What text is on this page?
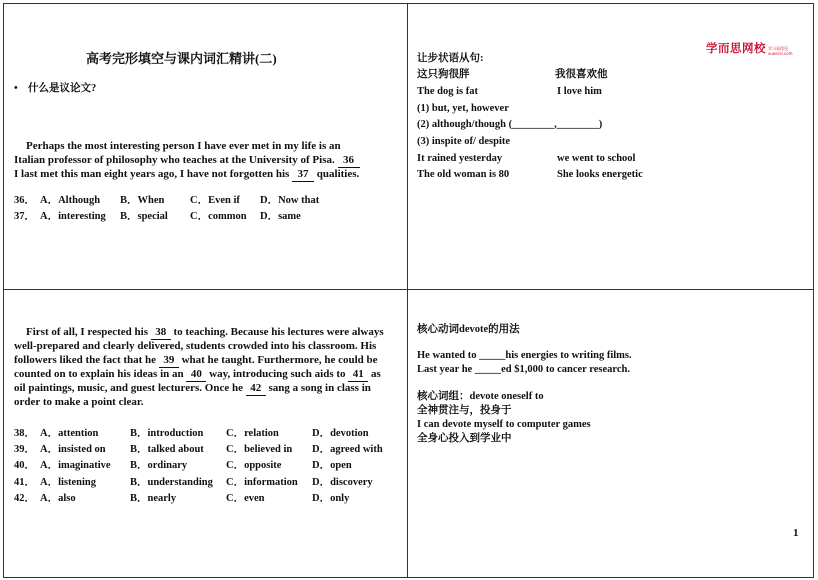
高考完形填空与课内词汇精讲(二)
• 什么是议论文?
Perhaps the most interesting person I have ever met in my life is an
Italian professor of philosophy who teaches at the University of Pisa. 36
I last met this man eight years ago, I have not forgotten his 37 qualities.
36． A．Although B．When C．Even if D．Now that
37． A．interesting B．special C．common D．same
学而思网校 学习看得见
xueersi.com
让步状语从句:
这只狗很胖	我很喜欢他
The dog is fat	I love him
(1) but, yet, however
(2) although/though (________,________)
(3) inspite of/ despite
It rained yesterday	we went to school
The old woman is 80	She looks energetic
First of all, I respected his 38 to teaching. Because his lectures were always
well-prepared and clearly delivered, students crowded into his classroom. His
followers liked the fact that he 39 what he taught. Furthermore, he could be
counted on to explain his ideas in an 40 way, introducing such aids to 41 as
oil paintings, music, and guest lecturers. Once he 42 sang a song in class in
order to make a point clear.
38． A．attention	B．introduction C．relation	D．devotion
39． A．insisted on B．talked about C．believed in D．agreed with
40． A．imaginative B．ordinary	C．opposite	D．open
41． A．listening	B．understanding C．information D．discovery
42． A．also	B．nearly	C．even	D．only
核心动词devote的用法
He wanted to _____his energies to writing films.
Last year he _____ed $1,000 to cancer research.
核心词组：devote oneself to
全神贯注与，投身于
I can devote myself to computer games
全身心投入到学业中
1
